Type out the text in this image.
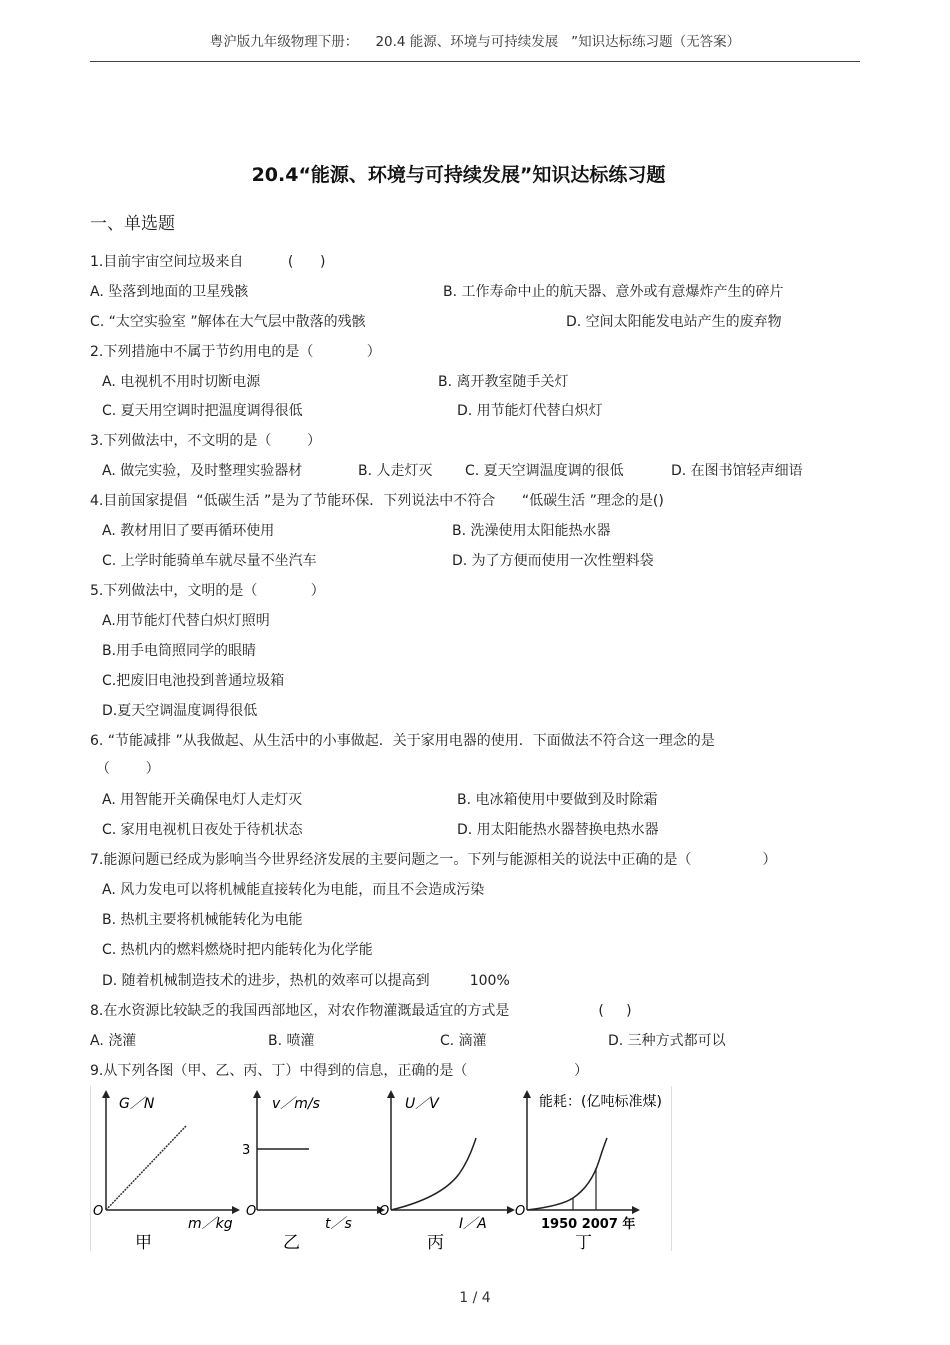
粤沪版九年级物理下册：    20.4 能源、环境与可持续发展   ”知识达标练习题（无答案）
20.4“能源、环境与可持续发展”知识达标练习题
一、单选题
1.目前宇宙空间垃圾来自          (      )
A. 坠落到地面的卫星残骸	B. 工作寿命中止的航天器、意外或有意爆炸产生的碎片
C. “太空实验室 ”解体在大气层中散落的残骸	D. 空间太阳能发电站产生的废弃物
2.下列措施中不属于节约用电的是（            ）
A. 电视机不用时切断电源	B. 离开教室随手关灯
C. 夏天用空调时把温度调得很低	D. 用节能灯代替白炽灯
3.下列做法中，不文明的是（        ）
A. 做完实验，及时整理实验器材	B. 人走灯灭 C. 夏天空调温度调的很低	D. 在图书馆轻声细语
4.目前国家提倡  “低碳生活 ”是为了节能环保．下列说法中不符合      “低碳生活 ”理念的是()
A. 教材用旧了要再循环使用	B. 洗澡使用太阳能热水器
C. 上学时能骑单车就尽量不坐汽车	D. 为了方便而使用一次性塑料袋
5.下列做法中，文明的是（            ）
A.用节能灯代替白炽灯照明
B.用手电筒照同学的眼睛
C.把废旧电池投到普通垃圾箱
D.夏天空调温度调得很低
6. “节能减排 ”从我做起、从生活中的小事做起．关于家用电器的使用．下面做法不符合这一理念的是
（        ）
A. 用智能开关确保电灯人走灯灭	B. 电冰箱使用中要做到及时除霜
C. 家用电视机日夜处于待机状态	D. 用太阳能热水器替换电热水器
7.能源问题已经成为影响当今世界经济发展的主要问题之一。下列与能源相关的说法中正确的是（                ）
A. 风力发电可以将机械能直接转化为电能，而且不会造成污染
B. 热机主要将机械能转化为电能
C. 热机内的燃料燃烧时把内能转化为化学能
D. 随着机械制造技术的进步，热机的效率可以提高到         100%
8.在水资源比较缺乏的我国西部地区，对农作物灌溉最适宜的方式是                    (     )
A. 浇灌	B. 喷灌	C. 滴灌	D. 三种方式都可以
9.从下列各图（甲、乙、丙、丁）中得到的信息，正确的是（                        ）
G／N
m／kg
O
甲
v／m/s
t／s
3
O
乙
U／V
I／A
O
丙
能耗：(亿吨标准煤)
1950 2007 年
O
丁
1 / 4
